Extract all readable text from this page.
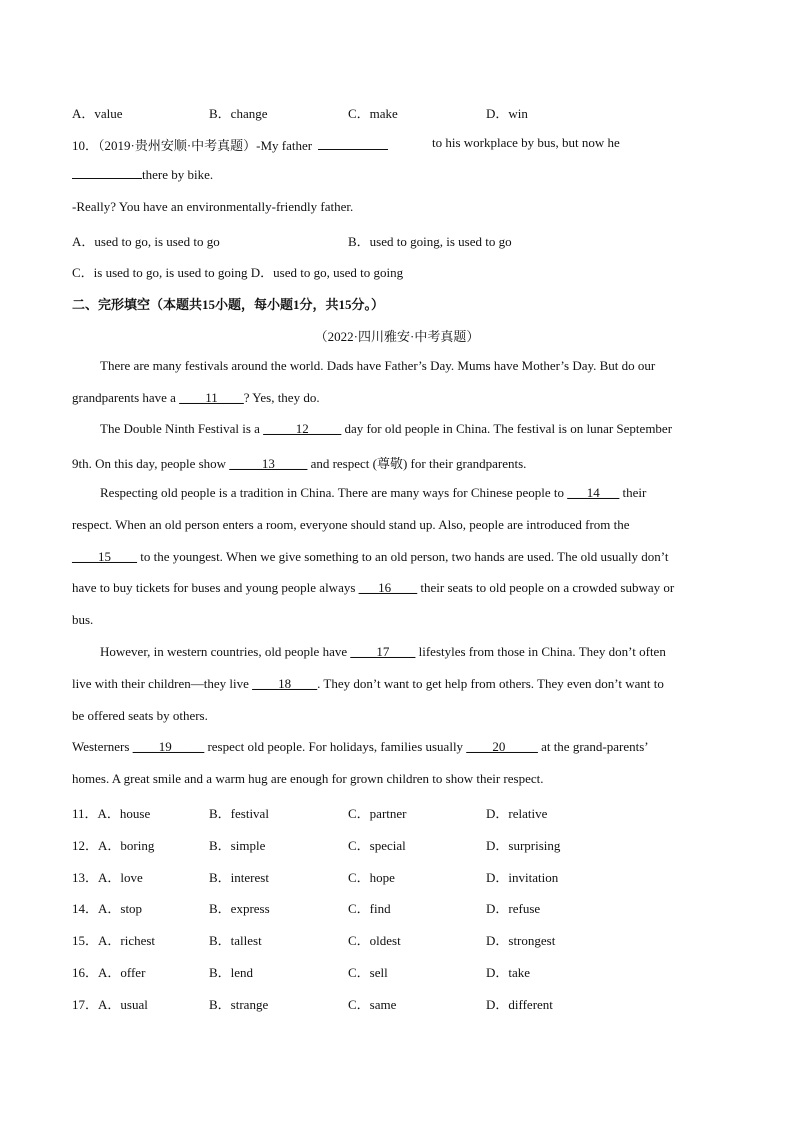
A．value	B．change	C．make	D．win
10．（2019·贵州安顺·中考真题）-My father	to his workplace by bus, but now he
there by bike.
-Really? You have an environmentally-friendly father.
A．used to go, is used to go	B．used to going, is used to go
C．is used to go, is used to going D．used to go, used to going
二、完形填空（本题共15小题，每小题1分，共15分。）
（2022·四川雅安·中考真题）
There are many festivals around the world. Dads have Father’s Day. Mums have Mother’s Day. But do our
grandparents have a ____11____? Yes, they do.
The Double Ninth Festival is a _____12_____ day for old people in China. The festival is on lunar September
9th. On this day, people show _____13_____ and respect (尊敬) for their grandparents.
Respecting old people is a tradition in China. There are many ways for Chinese people to ___14___ their
respect. When an old person enters a room, everyone should stand up. Also, people are introduced from the
____15____ to the youngest. When we give something to an old person, two hands are used. The old usually don’t
have to buy tickets for buses and young people always ___16____ their seats to old people on a crowded subway or
bus.
However, in western countries, old people have ____17____ lifestyles from those in China. They don’t often
live with their children—they live ____18____. They don’t want to get help from others. They even don’t want to
be offered seats by others.
Westerners ____19_____ respect old people. For holidays, families usually ____20_____ at the grand-parents’
homes. A great smile and a warm hug are enough for grown children to show their respect.
11．A．house	B．festival	C．partner	D．relative
12．A．boring	B．simple	C．special	D．surprising
13．A．love	B．interest	C．hope	D．invitation
14．A．stop	B．express	C．find	D．refuse
15．A．richest	B．tallest	C．oldest	D．strongest
16．A．offer	B．lend	C．sell	D．take
17．A．usual	B．strange	C．same	D．different
